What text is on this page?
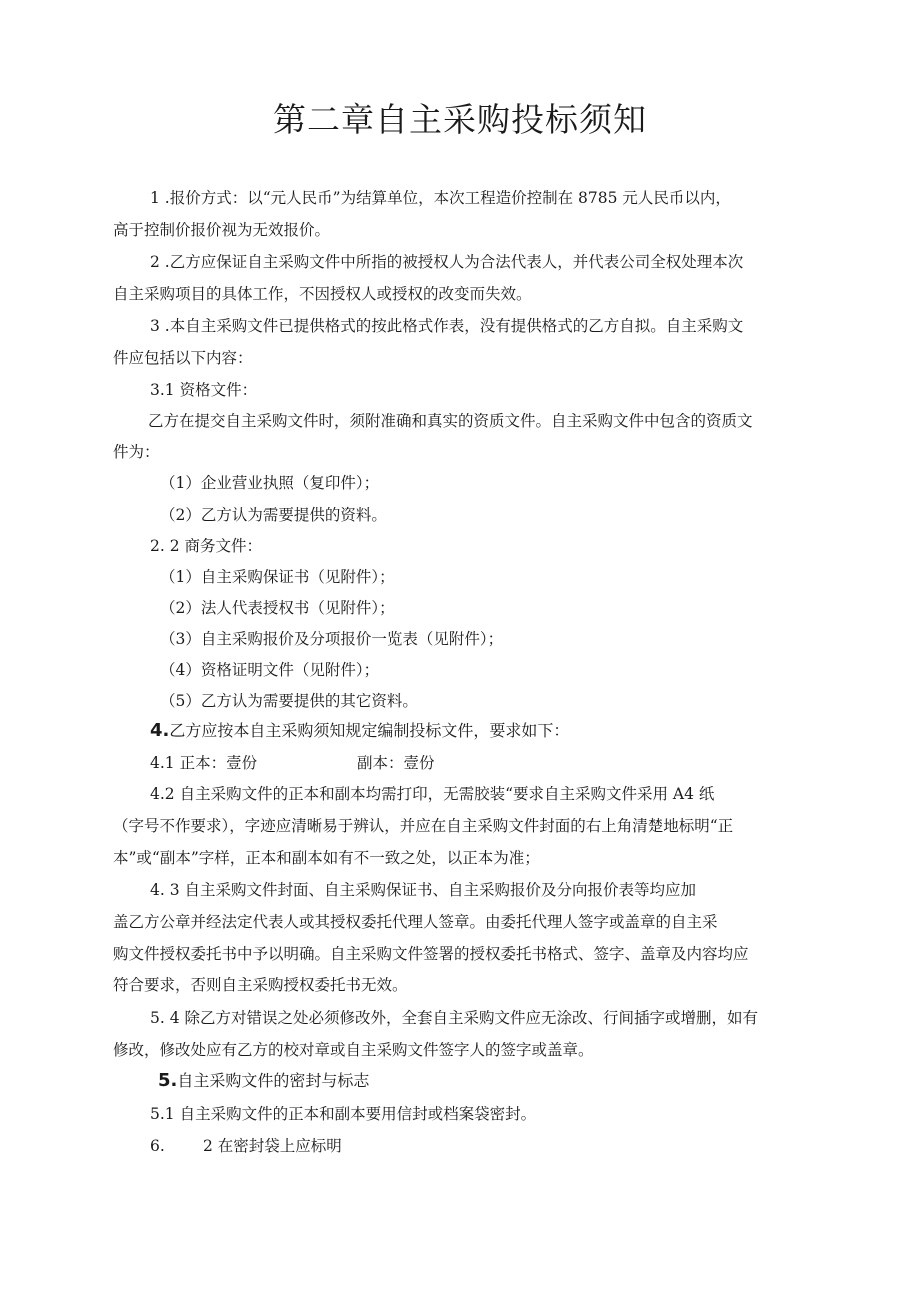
第二章自主采购投标须知
1 .报价方式：以“元人民币”为结算单位，本次工程造价控制在 8785 元人民币以内，
高于控制价报价视为无效报价。
2 .乙方应保证自主采购文件中所指的被授权人为合法代表人，并代表公司全权处理本次
自主采购项目的具体工作，不因授权人或授权的改变而失效。
3 .本自主采购文件已提供格式的按此格式作表，没有提供格式的乙方自拟。自主采购文
件应包括以下内容：
3.1 资格文件：
乙方在提交自主采购文件时，须附准确和真实的资质文件。自主采购文件中包含的资质文
件为：
（1）企业营业执照（复印件）；
（2）乙方认为需要提供的资料。
2. 2 商务文件：
（1）自主采购保证书（见附件）；
（2）法人代表授权书（见附件）；
（3）自主采购报价及分项报价一览表（见附件）；
（4）资格证明文件（见附件）；
（5）乙方认为需要提供的其它资料。
4.乙方应按本自主采购须知规定编制投标文件，要求如下：
4.1 正本：壹份	副本：壹份
4.2 自主采购文件的正本和副本均需打印，无需胶装“要求自主采购文件采用 A4 纸
（字号不作要求），字迹应清晰易于辨认，并应在自主采购文件封面的右上角清楚地标明“正
本”或“副本”字样，正本和副本如有不一致之处，以正本为准；
4. 3 自主采购文件封面、自主采购保证书、自主采购报价及分向报价表等均应加
盖乙方公章并经法定代表人或其授权委托代理人签章。由委托代理人签字或盖章的自主采
购文件授权委托书中予以明确。自主采购文件签署的授权委托书格式、签字、盖章及内容均应
符合要求，否则自主采购授权委托书无效。
5. 4 除乙方对错误之处必须修改外，全套自主采购文件应无涂改、行间插字或增删，如有
修改，修改处应有乙方的校对章或自主采购文件签字人的签字或盖章。
5.自主采购文件的密封与标志
5.1 自主采购文件的正本和副本要用信封或档案袋密封。
6. 2 在密封袋上应标明
